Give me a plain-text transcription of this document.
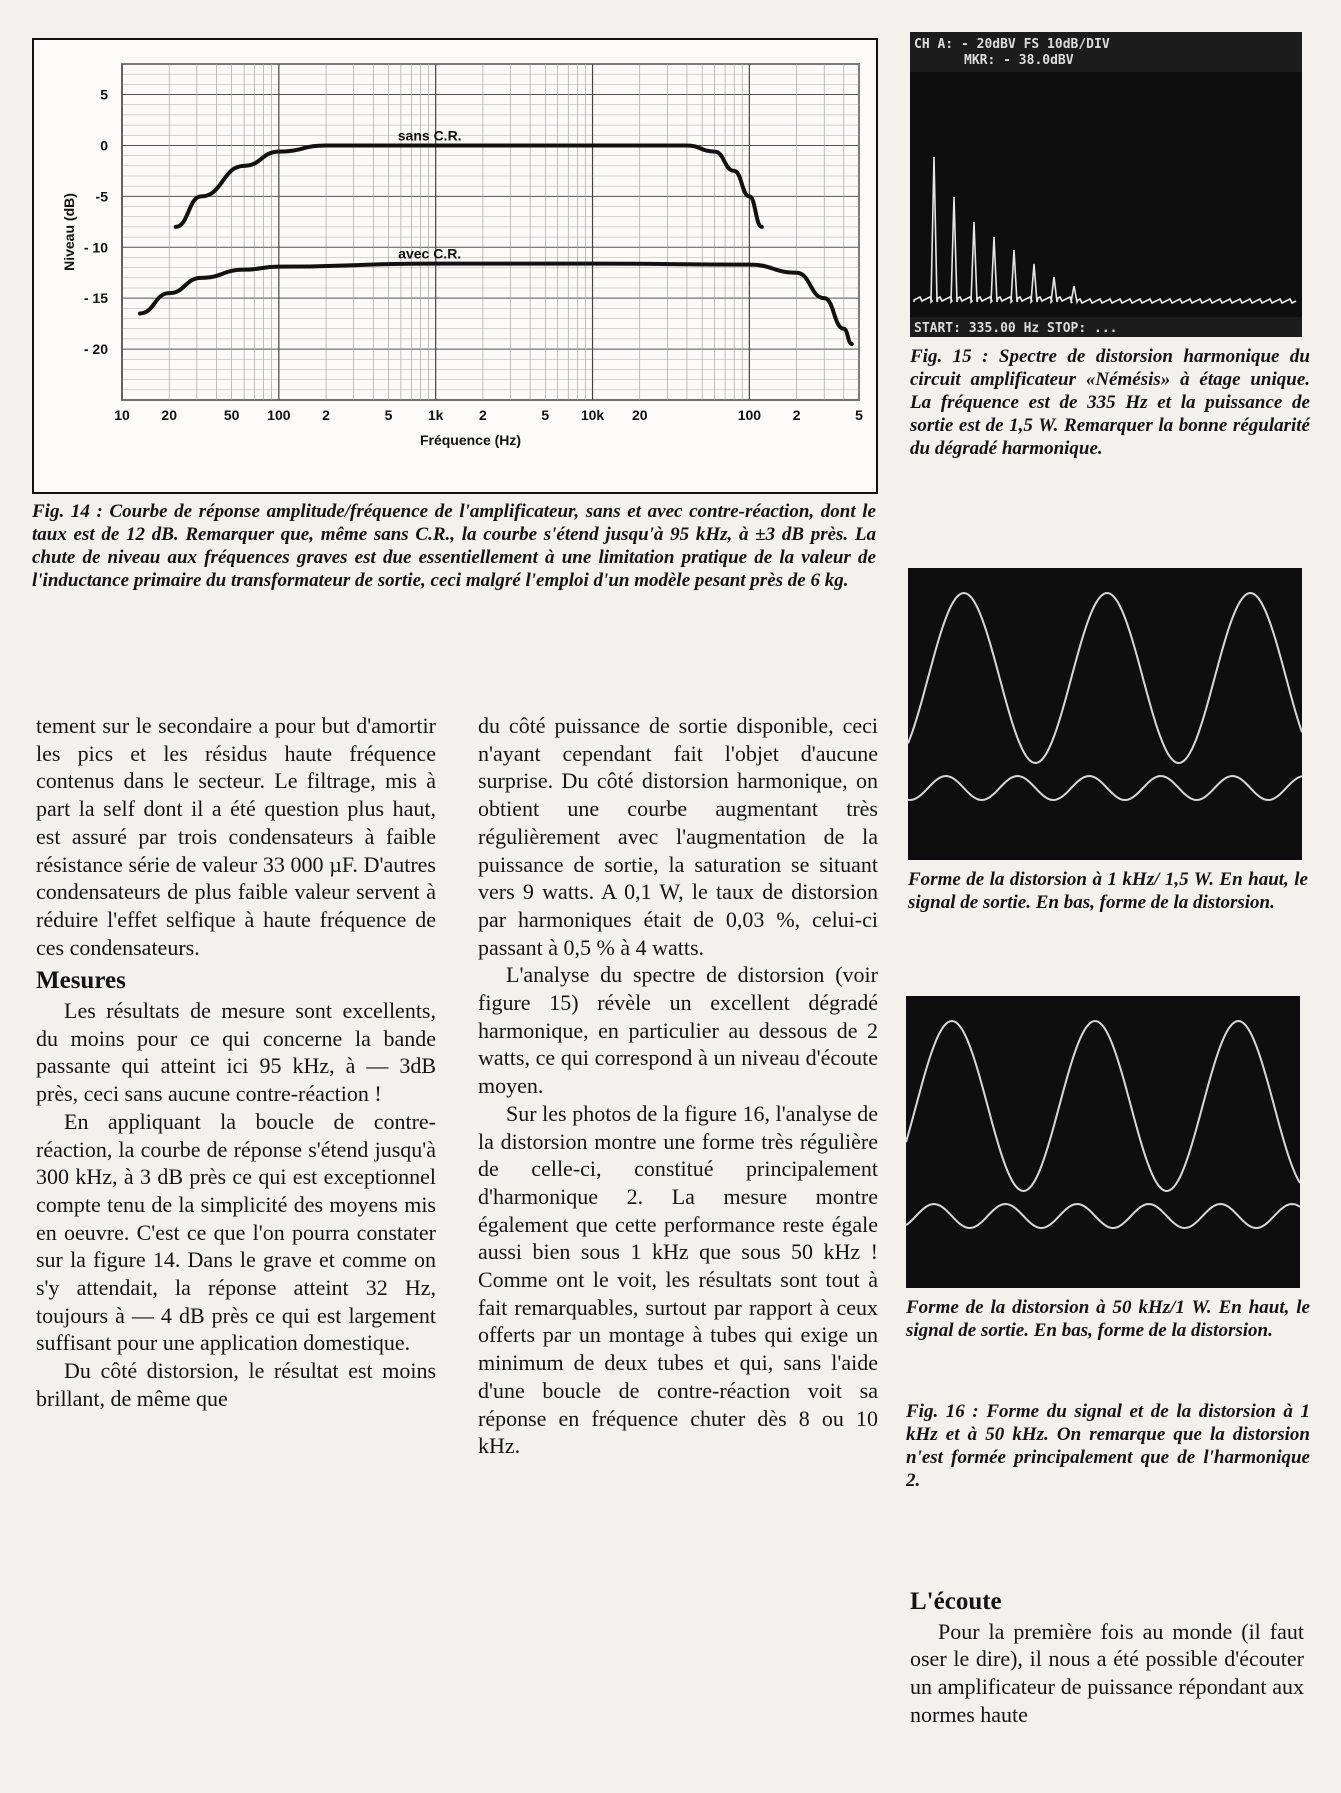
5
0
-5
- 10
- 15
- 20
10 20	50 100 2	5	1k	2	5 10k 20	100 2	5
Fréquence (Hz)
Niveau (dB)
sans C.R.
avec C.R.
Fig. 14 : Courbe de réponse amplitude/fréquence de l'amplificateur, sans et avec contre-réaction, dont le taux est de 12 dB. Remarquer que, même sans C.R., la courbe s'étend jusqu'à 95 kHz, à ±3 dB près. La chute de niveau aux fréquences graves est due essentiellement à une limitation pratique de la valeur de l'inductance primaire du transformateur de sortie, ceci malgré l'emploi d'un modèle pesant près de 6 kg.
CH A: - 20dBV FS 10dB/DIV
MKR: - 38.0dBV
START: 335.00 Hz STOP: ...
Fig. 15 : Spectre de distorsion harmonique du circuit amplificateur «Némésis» à étage unique. La fréquence est de 335 Hz et la puissance de sortie est de 1,5 W. Remarquer la bonne régularité du dégradé harmonique.
Forme de la distorsion à 1 kHz/ 1,5 W. En haut, le signal de sortie. En bas, forme de la distorsion.
Forme de la distorsion à 50 kHz/1 W. En haut, le signal de sortie. En bas, forme de la distorsion.
Fig. 16 : Forme du signal et de la distorsion à 1 kHz et à 50 kHz. On remarque que la distorsion n'est formée principalement que de l'harmonique 2.

tement sur le secondaire a pour but d'amortir les pics et les résidus haute fréquence contenus dans le secteur. Le filtrage, mis à part la self dont il a été question plus haut, est assuré par trois condensateurs à faible résistance série de valeur 33 000 µF. D'autres condensateurs de plus faible valeur servent à réduire l'effet selfique à haute fréquence de ces condensateurs.

Mesures

Les résultats de mesure sont excellents, du moins pour ce qui concerne la bande passante qui atteint ici 95 kHz, à — 3dB près, ceci sans aucune contre-réaction !

En appliquant la boucle de contre-réaction, la courbe de réponse s'étend jusqu'à 300 kHz, à 3 dB près ce qui est exceptionnel compte tenu de la simplicité des moyens mis en oeuvre. C'est ce que l'on pourra constater sur la figure 14. Dans le grave et comme on s'y attendait, la réponse atteint 32 Hz, toujours à — 4 dB près ce qui est largement suffisant pour une application domestique.

Du côté distorsion, le résultat est moins brillant, de même que

du côté puissance de sortie disponible, ceci n'ayant cependant fait l'objet d'aucune surprise. Du côté distorsion harmonique, on obtient une courbe augmentant très régulièrement avec l'augmentation de la puissance de sortie, la saturation se situant vers 9 watts. A 0,1 W, le taux de distorsion par harmoniques était de 0,03 %, celui-ci passant à 0,5 % à 4 watts.

L'analyse du spectre de distorsion (voir figure 15) révèle un excellent dégradé harmonique, en particulier au dessous de 2 watts, ce qui correspond à un niveau d'écoute moyen.

Sur les photos de la figure 16, l'analyse de la distorsion montre une forme très régulière de celle-ci, constitué principalement d'harmonique 2. La mesure montre également que cette performance reste égale aussi bien sous 1 kHz que sous 50 kHz ! Comme ont le voit, les résultats sont tout à fait remarquables, surtout par rapport à ceux offerts par un montage à tubes qui exige un minimum de deux tubes et qui, sans l'aide d'une boucle de contre-réaction voit sa réponse en fréquence chuter dès 8 ou 10 kHz.

L'écoute

Pour la première fois au monde (il faut oser le dire), il nous a été possible d'écouter un amplificateur de puissance répondant aux normes haute
